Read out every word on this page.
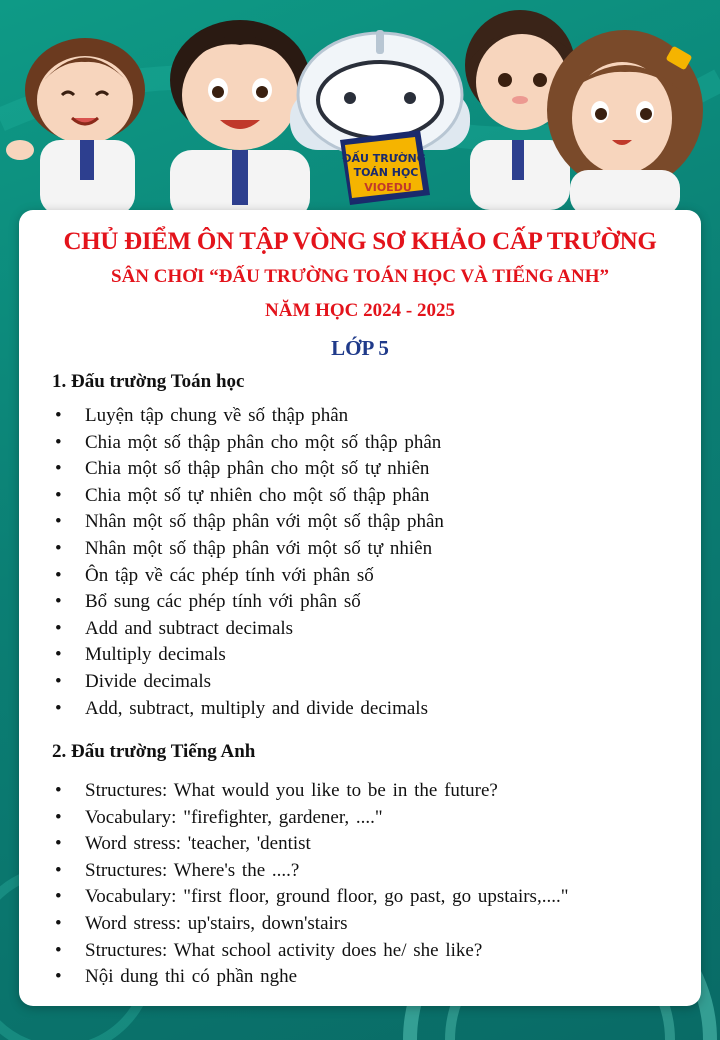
ĐẤU TRƯỜNG
TOÁN HỌC
VIOEDU
CHỦ ĐIỂM ÔN TẬP VÒNG SƠ KHẢO CẤP TRƯỜNG
SÂN CHƠI “ĐẤU TRƯỜNG TOÁN HỌC VÀ TIẾNG ANH”
NĂM HỌC 2024 - 2025
LỚP 5
1. Đấu trường Toán học
• Luyện tập chung về số thập phân
• Chia một số thập phân cho một số thập phân
• Chia một số thập phân cho một số tự nhiên
• Chia một số tự nhiên cho một số thập phân
• Nhân một số thập phân với một số thập phân
• Nhân một số thập phân với một số tự nhiên
• Ôn tập về các phép tính với phân số
• Bổ sung các phép tính với phân số
• Add and subtract decimals
• Multiply decimals
• Divide decimals
• Add, subtract, multiply and divide decimals
2. Đấu trường Tiếng Anh
• Structures: What would you like to be in the future?
• Vocabulary: "firefighter, gardener, ...."
• Word stress: 'teacher, 'dentist
• Structures: Where's the ....?
• Vocabulary: "first floor, ground floor, go past, go upstairs,...."
• Word stress: up'stairs, down'stairs
• Structures: What school activity does he/ she like?
• Nội dung thi có phần nghe
